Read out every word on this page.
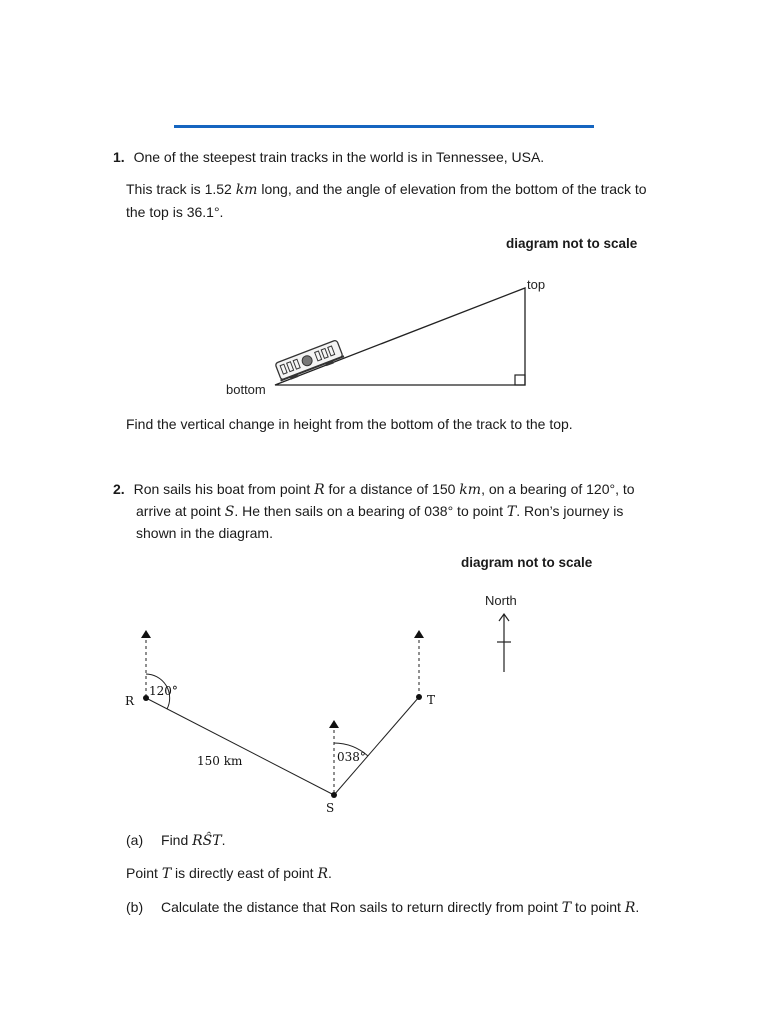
1. One of the steepest train tracks in the world is in Tennessee, USA.
This track is 1.52 km long, and the angle of elevation from the bottom of the track to
the top is 36.1°.
diagram not to scale
top
bottom
Find the vertical change in height from the bottom of the track to the top.
2. Ron sails his boat from point R for a distance of 150 km, on a bearing of 120°, to
arrive at point S. He then sails on a bearing of 038° to point T. Ron’s journey is
shown in the diagram.
diagram not to scale
North
R
S
T
120°
038°
150 km
(a) Find RŜT.
Point T is directly east of point R.
(b) Calculate the distance that Ron sails to return directly from point T to point R.
